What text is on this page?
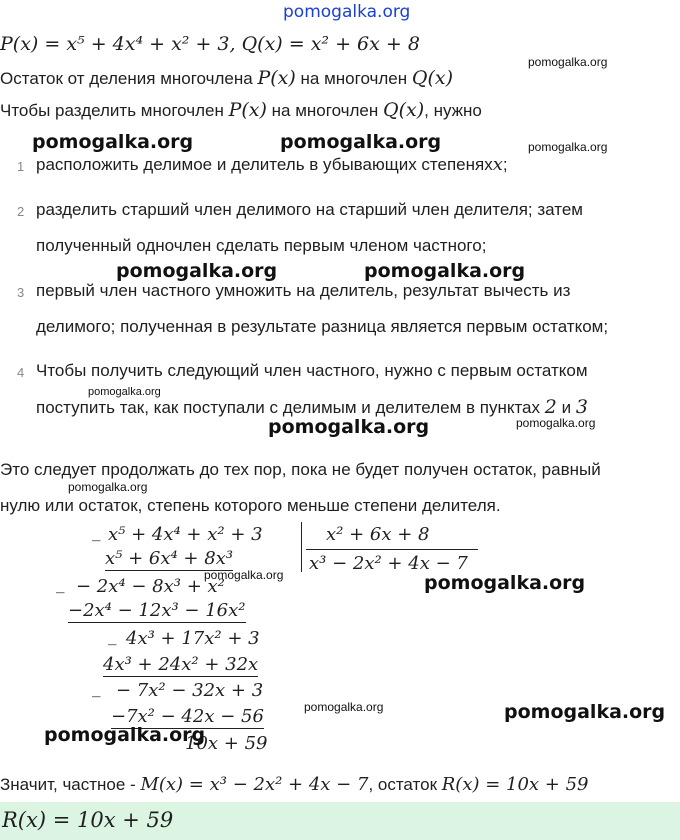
pomogalka.org
P(x) = x⁵ + 4x⁴ + x² + 3, Q(x) = x² + 6x + 8
Остаток от деления многочлена P(x) на многочлен Q(x)
Чтобы разделить многочлен P(x) на многочлен Q(x), нужно
1 расположить делимое и делитель в убывающих степеняхx;
2 разделить старший член делимого на старший член делителя; затем
полученный одночлен сделать первым членом частного;
3 первый член частного умножить на делитель, результат вычесть из
делимого; полученная в результате разница является первым остатком;
4 Чтобы получить следующий член частного, нужно с первым остатком
поступить так, как поступали с делимым и делителем в пунктах 2 и 3
Это следует продолжать до тех пор, пока не будет получен остаток, равный
нулю или остаток, степень которого меньше степени делителя.
_ x⁵ + 4x⁴ + x² + 3	x² + 6x + 8
x³ − 2x² + 4x − 7
x⁵ + 6x⁴ + 8x³
_ − 2x⁴ − 8x³ + x²
−2x⁴ − 12x³ − 16x²
_ 4x³ + 17x² + 3
4x³ + 24x² + 32x
_ − 7x² − 32x + 3
−7x² − 42x − 56
10x + 59
Значит, частное - M(x) = x³ − 2x² + 4x − 7, остаток R(x) = 10x + 59
R(x) = 10x + 59
pomogalka.org
pomogalka.org	pomogalka.org	pomogalka.org
pomogalka.org	pomogalka.org
pomogalka.org
pomogalka.org	pomogalka.org
pomogalka.org
pomogalka.org	pomogalka.org
pomogalka.org	pomogalka.org
pomogalka.org
